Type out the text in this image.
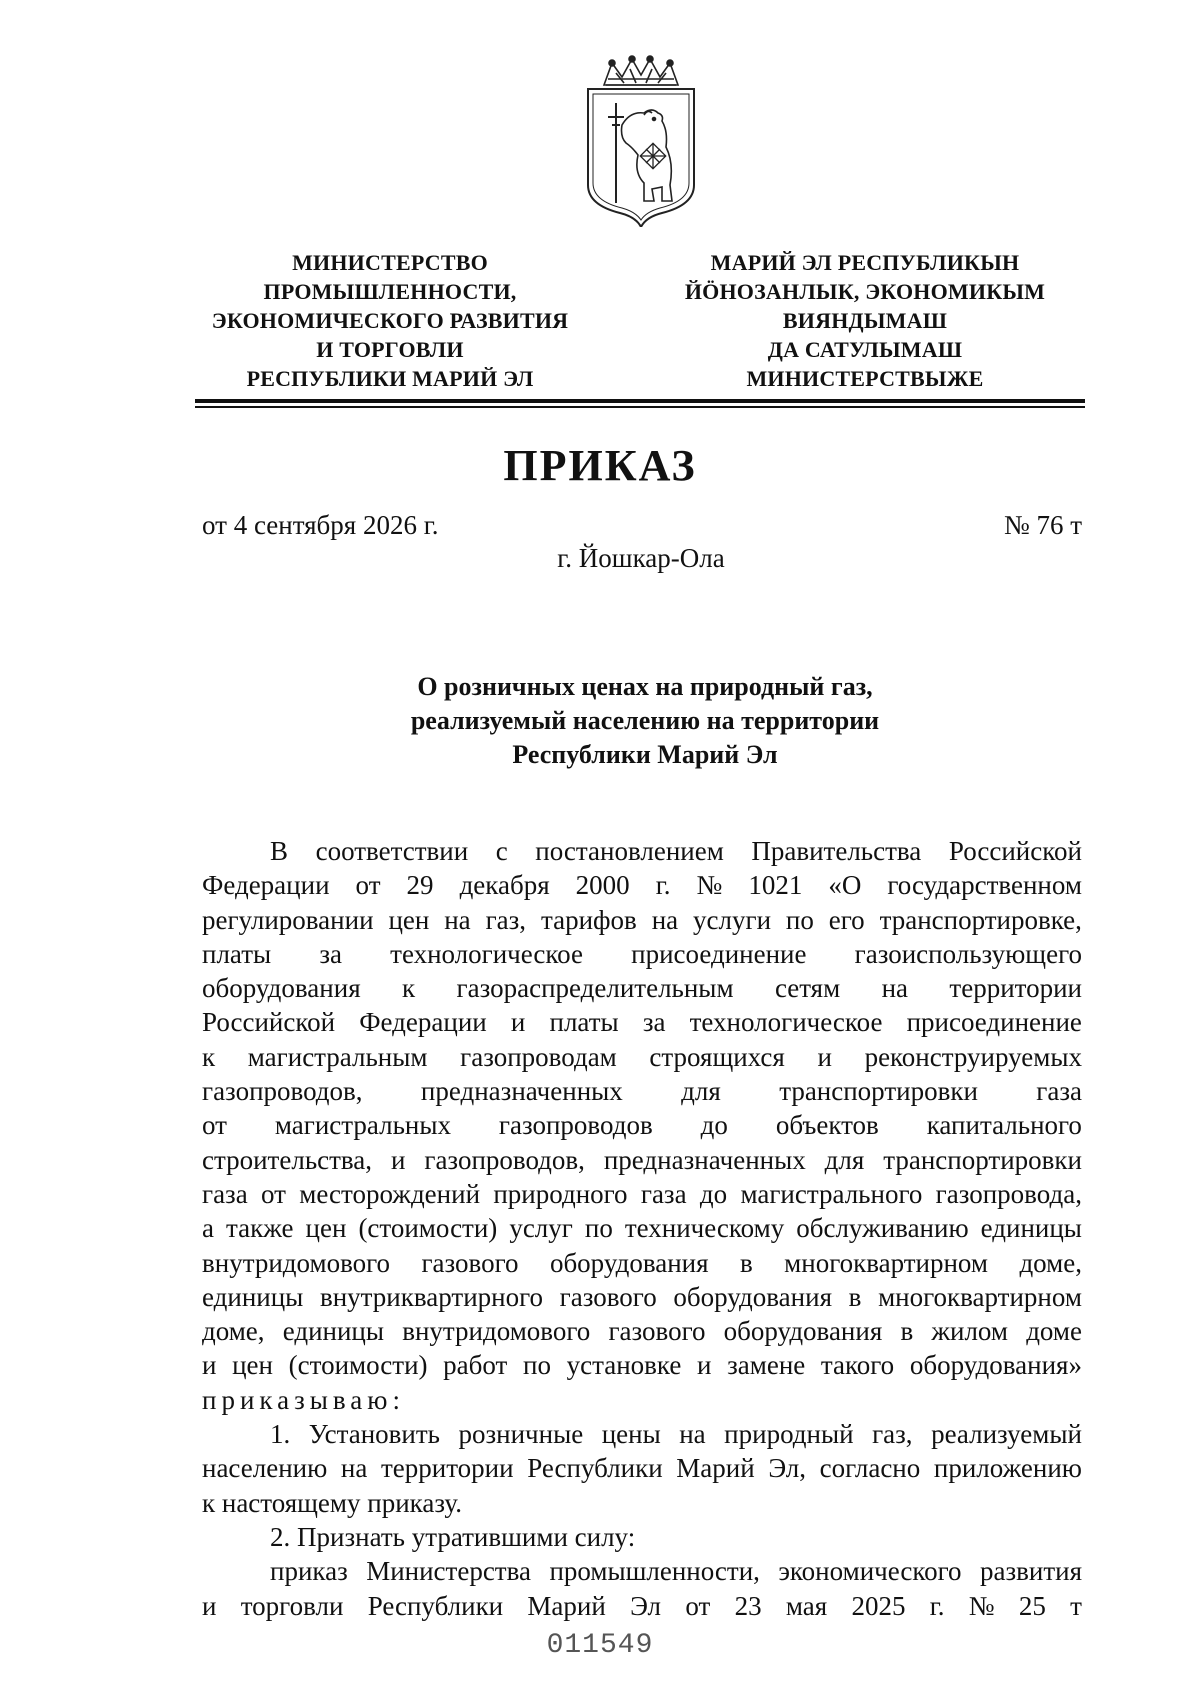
МИНИСТЕРСТВО
ПРОМЫШЛЕННОСТИ,
ЭКОНОМИЧЕСКОГО РАЗВИТИЯ
И ТОРГОВЛИ
РЕСПУБЛИКИ МАРИЙ ЭЛ
МАРИЙ ЭЛ РЕСПУБЛИКЫН
ЙӦНОЗАНЛЫК, ЭКОНОМИКЫМ
ВИЯНДЫМАШ
ДА САТУЛЫМАШ
МИНИСТЕРСТВЫЖЕ
ПРИКАЗ
от 4 сентября 2026 г.	№ 76 т
г. Йошкар-Ола
О розничных ценах на природный газ,
реализуемый населению на территории
Республики Марий Эл
В соответствии с постановлением Правительства Российской
Федерации от 29 декабря 2000 г. № 1021 «О государственном
регулировании цен на газ, тарифов на услуги по его транспортировке,
платы за технологическое присоединение газоиспользующего
оборудования к газораспределительным сетям на территории
Российской Федерации и платы за технологическое присоединение
к магистральным газопроводам строящихся и реконструируемых
газопроводов, предназначенных для транспортировки газа
от магистральных газопроводов до объектов капитального
строительства, и газопроводов, предназначенных для транспортировки
газа от месторождений природного газа до магистрального газопровода,
а также цен (стоимости) услуг по техническому обслуживанию единицы
внутридомового газового оборудования в многоквартирном доме,
единицы внутриквартирного газового оборудования в многоквартирном
доме, единицы внутридомового газового оборудования в жилом доме
и цен (стоимости) работ по установке и замене такого оборудования»
приказываю:
1. Установить розничные цены на природный газ, реализуемый
населению на территории Республики Марий Эл, согласно приложению
к настоящему приказу.
2. Признать утратившими силу:
приказ Министерства промышленности, экономического развития
и торговли Республики Марий Эл от 23 мая 2025 г. № 25 т
011549
